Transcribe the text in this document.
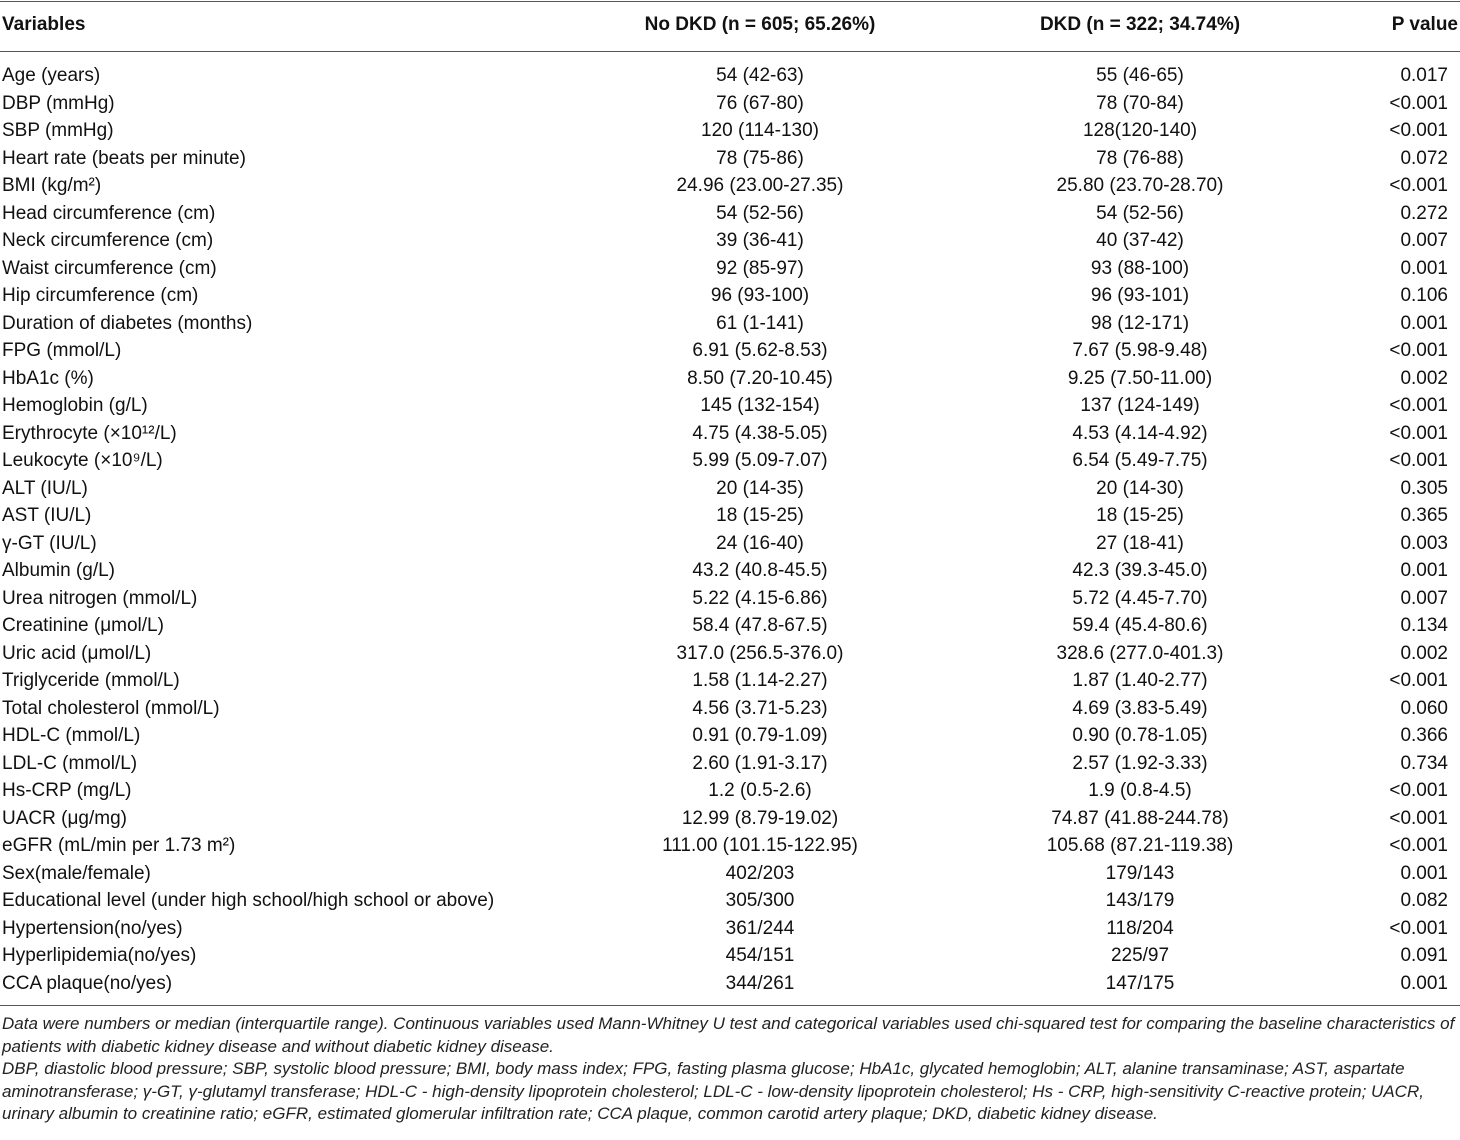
Variables	No DKD (n = 605; 65.26%)	DKD (n = 322; 34.74%)	P value
Age (years)	54 (42-63)	55 (46-65)	0.017
DBP (mmHg)	76 (67-80)	78 (70-84)	<0.001
SBP (mmHg)	120 (114-130)	128(120-140)	<0.001
Heart rate (beats per minute)	78 (75-86)	78 (76-88)	0.072
BMI (kg/m²)	24.96 (23.00-27.35)	25.80 (23.70-28.70)	<0.001
Head circumference (cm)	54 (52-56)	54 (52-56)	0.272
Neck circumference (cm)	39 (36-41)	40 (37-42)	0.007
Waist circumference (cm)	92 (85-97)	93 (88-100)	0.001
Hip circumference (cm)	96 (93-100)	96 (93-101)	0.106
Duration of diabetes (months)	61 (1-141)	98 (12-171)	0.001
FPG (mmol/L)	6.91 (5.62-8.53)	7.67 (5.98-9.48)	<0.001
HbA1c (%)	8.50 (7.20-10.45)	9.25 (7.50-11.00)	0.002
Hemoglobin (g/L)	145 (132-154)	137 (124-149)	<0.001
Erythrocyte (×10¹²/L)	4.75 (4.38-5.05)	4.53 (4.14-4.92)	<0.001
Leukocyte (×10⁹/L)	5.99 (5.09-7.07)	6.54 (5.49-7.75)	<0.001
ALT (IU/L)	20 (14-35)	20 (14-30)	0.305
AST (IU/L)	18 (15-25)	18 (15-25)	0.365
γ-GT (IU/L)	24 (16-40)	27 (18-41)	0.003
Albumin (g/L)	43.2 (40.8-45.5)	42.3 (39.3-45.0)	0.001
Urea nitrogen (mmol/L)	5.22 (4.15-6.86)	5.72 (4.45-7.70)	0.007
Creatinine (μmol/L)	58.4 (47.8-67.5)	59.4 (45.4-80.6)	0.134
Uric acid (μmol/L)	317.0 (256.5-376.0)	328.6 (277.0-401.3)	0.002
Triglyceride (mmol/L)	1.58 (1.14-2.27)	1.87 (1.40-2.77)	<0.001
Total cholesterol (mmol/L)	4.56 (3.71-5.23)	4.69 (3.83-5.49)	0.060
HDL-C (mmol/L)	0.91 (0.79-1.09)	0.90 (0.78-1.05)	0.366
LDL-C (mmol/L)	2.60 (1.91-3.17)	2.57 (1.92-3.33)	0.734
Hs-CRP (mg/L)	1.2 (0.5-2.6)	1.9 (0.8-4.5)	<0.001
UACR (μg/mg)	12.99 (8.79-19.02)	74.87 (41.88-244.78)	<0.001
eGFR (mL/min per 1.73 m²)	111.00 (101.15-122.95)	105.68 (87.21-119.38)	<0.001
Sex(male/female)	402/203	179/143	0.001
Educational level (under high school/high school or above)	305/300	143/179	0.082
Hypertension(no/yes)	361/244	118/204	<0.001
Hyperlipidemia(no/yes)	454/151	225/97	0.091
CCA plaque(no/yes)	344/261	147/175	0.001

Data were numbers or median (interquartile range). Continuous variables used Mann-Whitney U test and categorical variables used chi-squared test for comparing the baseline characteristics of patients with diabetic kidney disease and without diabetic kidney disease.

DBP, diastolic blood pressure; SBP, systolic blood pressure; BMI, body mass index; FPG, fasting plasma glucose; HbA1c, glycated hemoglobin; ALT, alanine transaminase; AST, aspartate aminotransferase; γ-GT, γ-glutamyl transferase; HDL-C - high-density lipoprotein cholesterol; LDL-C - low-density lipoprotein cholesterol; Hs - CRP, high-sensitivity C-reactive protein; UACR, urinary albumin to creatinine ratio; eGFR, estimated glomerular infiltration rate; CCA plaque, common carotid artery plaque; DKD, diabetic kidney disease.
